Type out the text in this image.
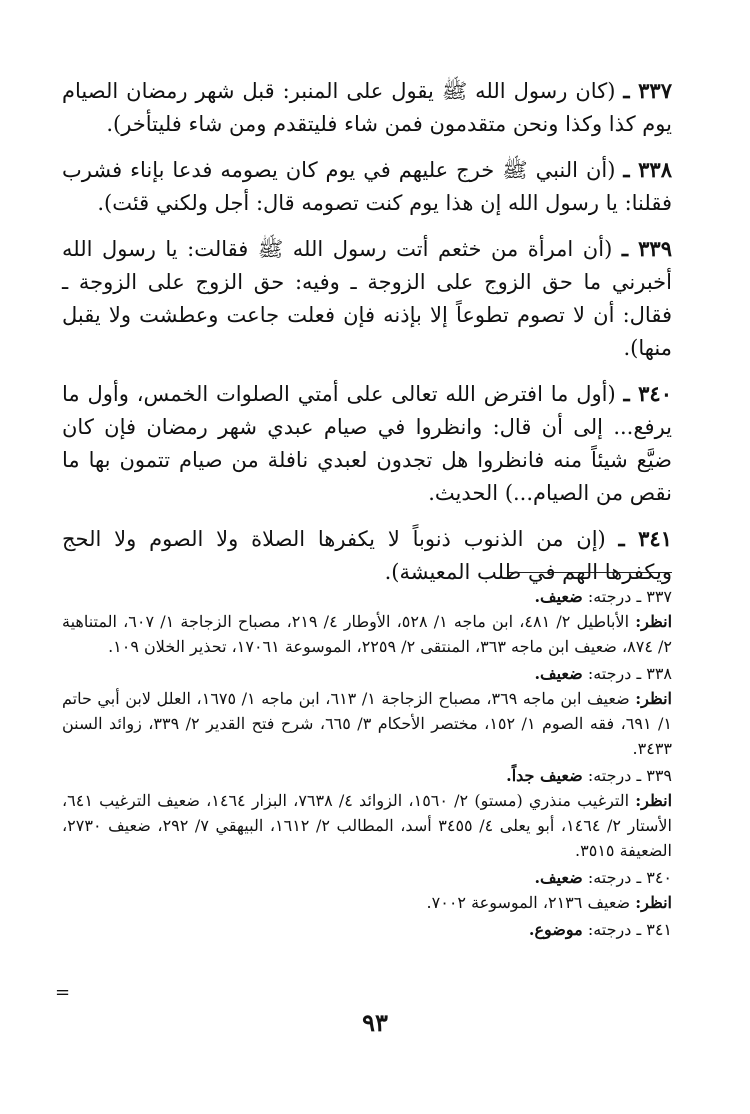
٣٣٧ ـ (كان رسول الله ﷺ يقول على المنبر: قبل شهر رمضان الصيام يوم كذا وكذا ونحن متقدمون فمن شاء فليتقدم ومن شاء فليتأخر).

٣٣٨ ـ (أن النبي ﷺ خرج عليهم في يوم كان يصومه فدعا بإناء فشرب فقلنا: يا رسول الله إن هذا يوم كنت تصومه قال: أجل ولكني قئت).

٣٣٩ ـ (أن امرأة من خثعم أتت رسول الله ﷺ فقالت: يا رسول الله أخبرني ما حق الزوج على الزوجة ـ وفيه: حق الزوج على الزوجة ـ فقال: أن لا تصوم تطوعاً إلا بإذنه فإن فعلت جاعت وعطشت ولا يقبل منها).

٣٤٠ ـ (أول ما افترض الله تعالى على أمتي الصلوات الخمس، وأول ما يرفع... إلى أن قال: وانظروا في صيام عبدي شهر رمضان فإن كان ضيَّع شيئاً منه فانظروا هل تجدون لعبدي نافلة من صيام تتمون بها ما نقص من الصيام...) الحديث.

٣٤١ ـ (إن من الذنوب ذنوباً لا يكفرها الصلاة ولا الصوم ولا الحج ويكفرها الهم في طلب المعيشة).

٣٣٧ ـ درجته: ضعيف.
انظر: الأباطيل ٢/ ٤٨١، ابن ماجه ١/ ٥٢٨، الأوطار ٤/ ٢١٩، مصباح الزجاجة ١/ ٦٠٧، المتناهية ٢/ ٨٧٤، ضعيف ابن ماجه ٣٦٣، المنتقى ٢/ ٢٢٥٩، الموسوعة ١٧٠٦١، تحذير الخلان ١٠٩.
٣٣٨ ـ درجته: ضعيف.
انظر: ضعيف ابن ماجه ٣٦٩، مصباح الزجاجة ١/ ٦١٣، ابن ماجه ١/ ١٦٧٥، العلل لابن أبي حاتم ١/ ٦٩١، فقه الصوم ١/ ١٥٢، مختصر الأحكام ٣/ ٦٦٥، شرح فتح القدير ٢/ ٣٣٩، زوائد السنن ٣٤٣٣.
٣٣٩ ـ درجته: ضعيف جداً.
انظر: الترغيب منذري (مستو) ٢/ ١٥٦٠، الزوائد ٤/ ٧٦٣٨، البزار ١٤٦٤، ضعيف الترغيب ٦٤١، الأستار ٢/ ١٤٦٤، أبو يعلى ٤/ ٣٤٥٥ أسد، المطالب ٢/ ١٦١٢، البيهقي ٧/ ٢٩٢، ضعيف ٢٧٣٠، الضعيفة ٣٥١٥.
٣٤٠ ـ درجته: ضعيف.
انظر: ضعيف ٢١٣٦، الموسوعة ٧٠٠٢.
٣٤١ ـ درجته: موضوع.
=
٩٣
